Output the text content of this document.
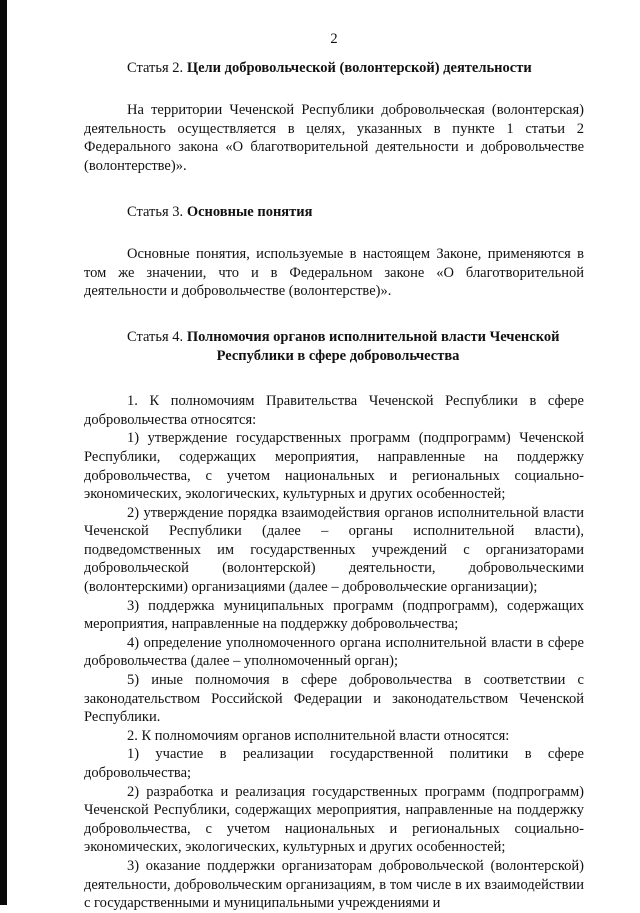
2

Статья 2. Цели добровольческой (волонтерской) деятельности

На территории Чеченской Республики добровольческая (волонтерская) деятельность осуществляется в целях, указанных в пункте 1 статьи 2 Федерального закона «О благотворительной деятельности и добровольчестве (волонтерстве)».

Статья 3. Основные понятия

Основные понятия, используемые в настоящем Законе, применяются в том же значении, что и в Федеральном законе «О благотворительной деятельности и добровольчестве (волонтерстве)».

Статья 4. Полномочия органов исполнительной власти Чеченской

Республики в сфере добровольчества

1. К полномочиям Правительства Чеченской Республики в сфере добровольчества относятся:

1) утверждение государственных программ (подпрограмм) Чеченской Республики, содержащих мероприятия, направленные на поддержку добровольчества, с учетом национальных и региональных социально-экономических, экологических, культурных и других особенностей;

2) утверждение порядка взаимодействия органов исполнительной власти Чеченской Республики (далее – органы исполнительной власти), подведомственных им государственных учреждений с организаторами добровольческой (волонтерской) деятельности, добровольческими (волонтерскими) организациями (далее – добровольческие организации);

3) поддержка муниципальных программ (подпрограмм), содержащих мероприятия, направленные на поддержку добровольчества;

4) определение уполномоченного органа исполнительной власти в сфере добровольчества (далее – уполномоченный орган);

5) иные полномочия в сфере добровольчества в соответствии с законодательством Российской Федерации и законодательством Чеченской Республики.

2. К полномочиям органов исполнительной власти относятся:

1) участие в реализации государственной политики в сфере добровольчества;

2) разработка и реализация государственных программ (подпрограмм) Чеченской Республики, содержащих мероприятия, направленные на поддержку добровольчества, с учетом национальных и региональных социально-экономических, экологических, культурных и других особенностей;

3) оказание поддержки организаторам добровольческой (волонтерской) деятельности, добровольческим организациям, в том числе в их взаимодействии с государственными и муниципальными учреждениями и
